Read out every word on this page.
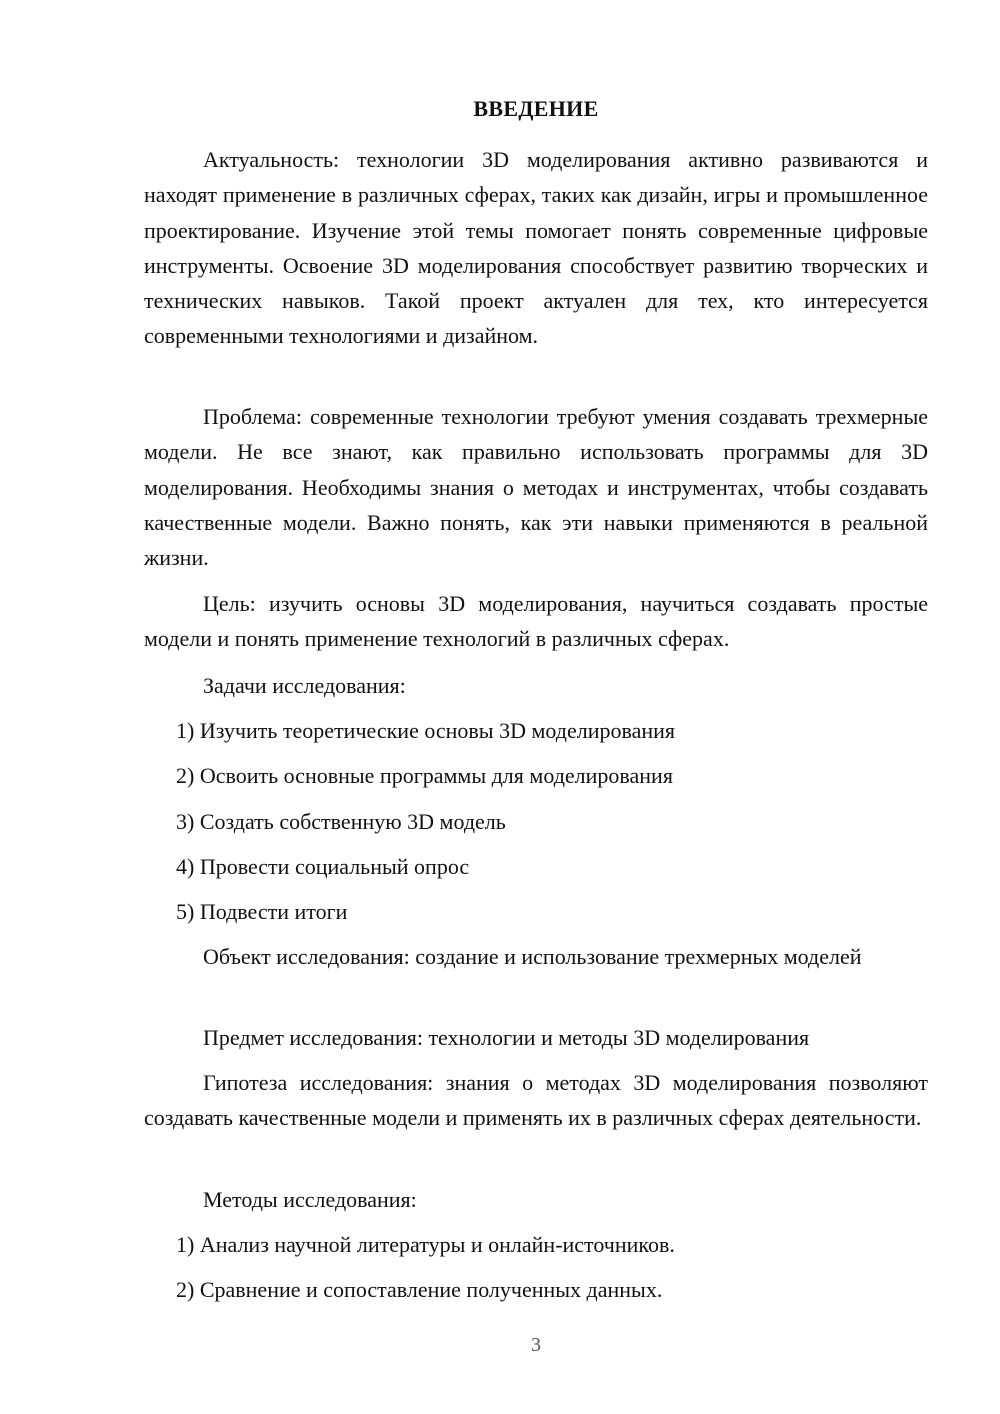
ВВЕДЕНИЕ

Актуальность: технологии 3D моделирования активно развиваются и находят применение в различных сферах, таких как дизайн, игры и промышленное проектирование. Изучение этой темы помогает понять современные цифровые инструменты. Освоение 3D моделирования способствует развитию творческих и технических навыков. Такой проект актуален для тех, кто интересуется современными технологиями и дизайном.

Проблема: современные технологии требуют умения создавать трехмерные модели. Не все знают, как правильно использовать программы для 3D моделирования. Необходимы знания о методах и инструментах, чтобы создавать качественные модели. Важно понять, как эти навыки применяются в реальной жизни.

Цель: изучить основы 3D моделирования, научиться создавать простые модели и понять применение технологий в различных сферах.

Задачи исследования:

1) Изучить теоретические основы 3D моделирования

2) Освоить основные программы для моделирования

3) Создать собственную 3D модель

4) Провести социальный опрос

5) Подвести итоги

Объект исследования: создание и использование трехмерных моделей

Предмет исследования: технологии и методы 3D моделирования

Гипотеза исследования: знания о методах 3D моделирования позволяют создавать качественные модели и применять их в различных сферах деятельности.

Методы исследования:

1) Анализ научной литературы и онлайн-источников.

2) Сравнение и сопоставление полученных данных.

3
